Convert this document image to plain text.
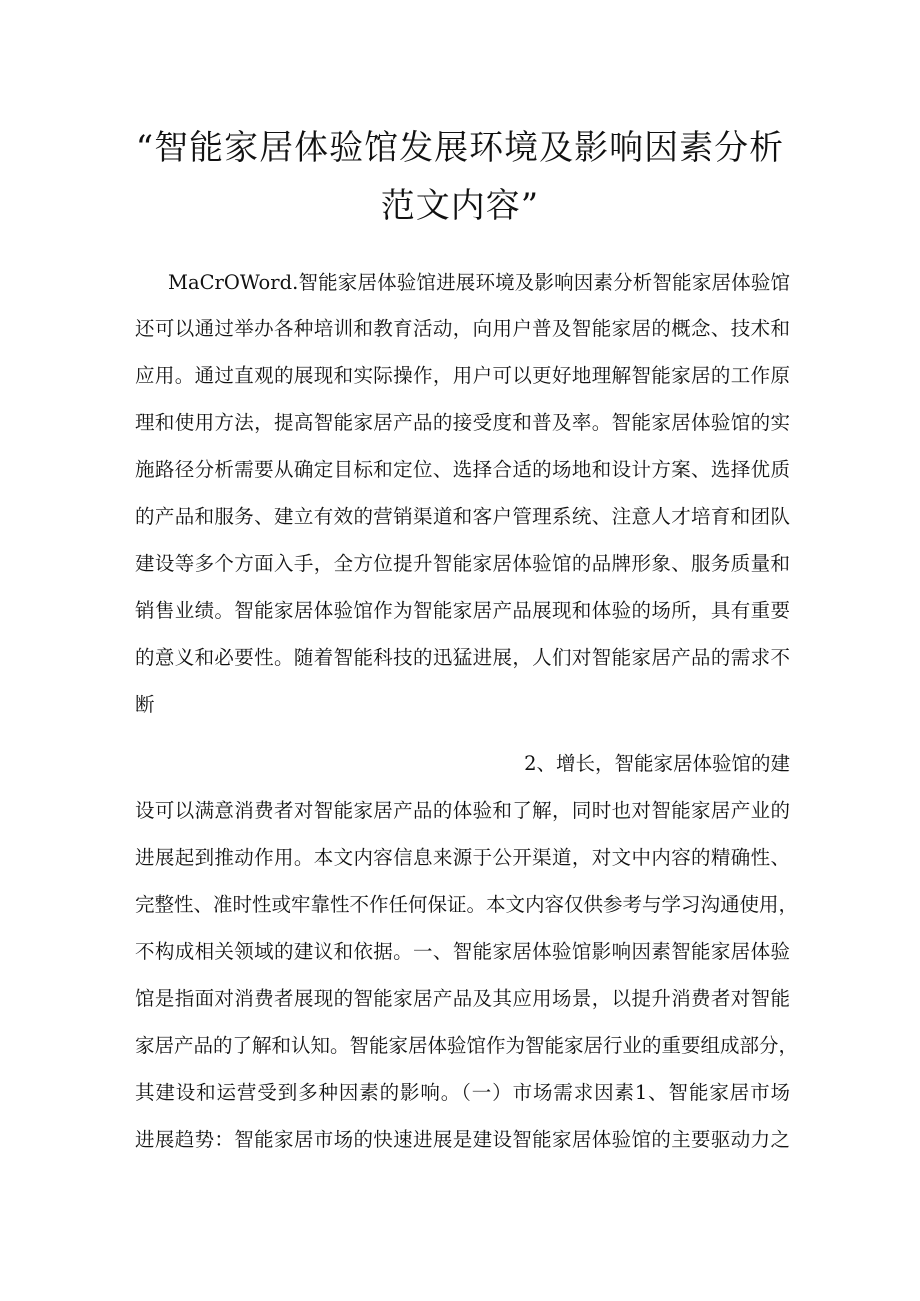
“智能家居体验馆发展环境及影响因素分析
范文内容”
MaCrOWord.智能家居体验馆进展环境及影响因素分析智能家居体验馆
还可以通过举办各种培训和教育活动，向用户普及智能家居的概念、技术和
应用。通过直观的展现和实际操作，用户可以更好地理解智能家居的工作原
理和使用方法，提高智能家居产品的接受度和普及率。智能家居体验馆的实
施路径分析需要从确定目标和定位、选择合适的场地和设计方案、选择优质
的产品和服务、建立有效的营销渠道和客户管理系统、注意人才培育和团队
建设等多个方面入手，全方位提升智能家居体验馆的品牌形象、服务质量和
销售业绩。智能家居体验馆作为智能家居产品展现和体验的场所，具有重要
的意义和必要性。随着智能科技的迅猛进展，人们对智能家居产品的需求不
断
2、增长，智能家居体验馆的建
设可以满意消费者对智能家居产品的体验和了解，同时也对智能家居产业的
进展起到推动作用。本文内容信息来源于公开渠道，对文中内容的精确性、
完整性、准时性或牢靠性不作任何保证。本文内容仅供参考与学习沟通使用，
不构成相关领域的建议和依据。一、智能家居体验馆影响因素智能家居体验
馆是指面对消费者展现的智能家居产品及其应用场景，以提升消费者对智能
家居产品的了解和认知。智能家居体验馆作为智能家居行业的重要组成部分，
其建设和运营受到多种因素的影响。（一）市场需求因素1、智能家居市场
进展趋势：智能家居市场的快速进展是建设智能家居体验馆的主要驱动力之
